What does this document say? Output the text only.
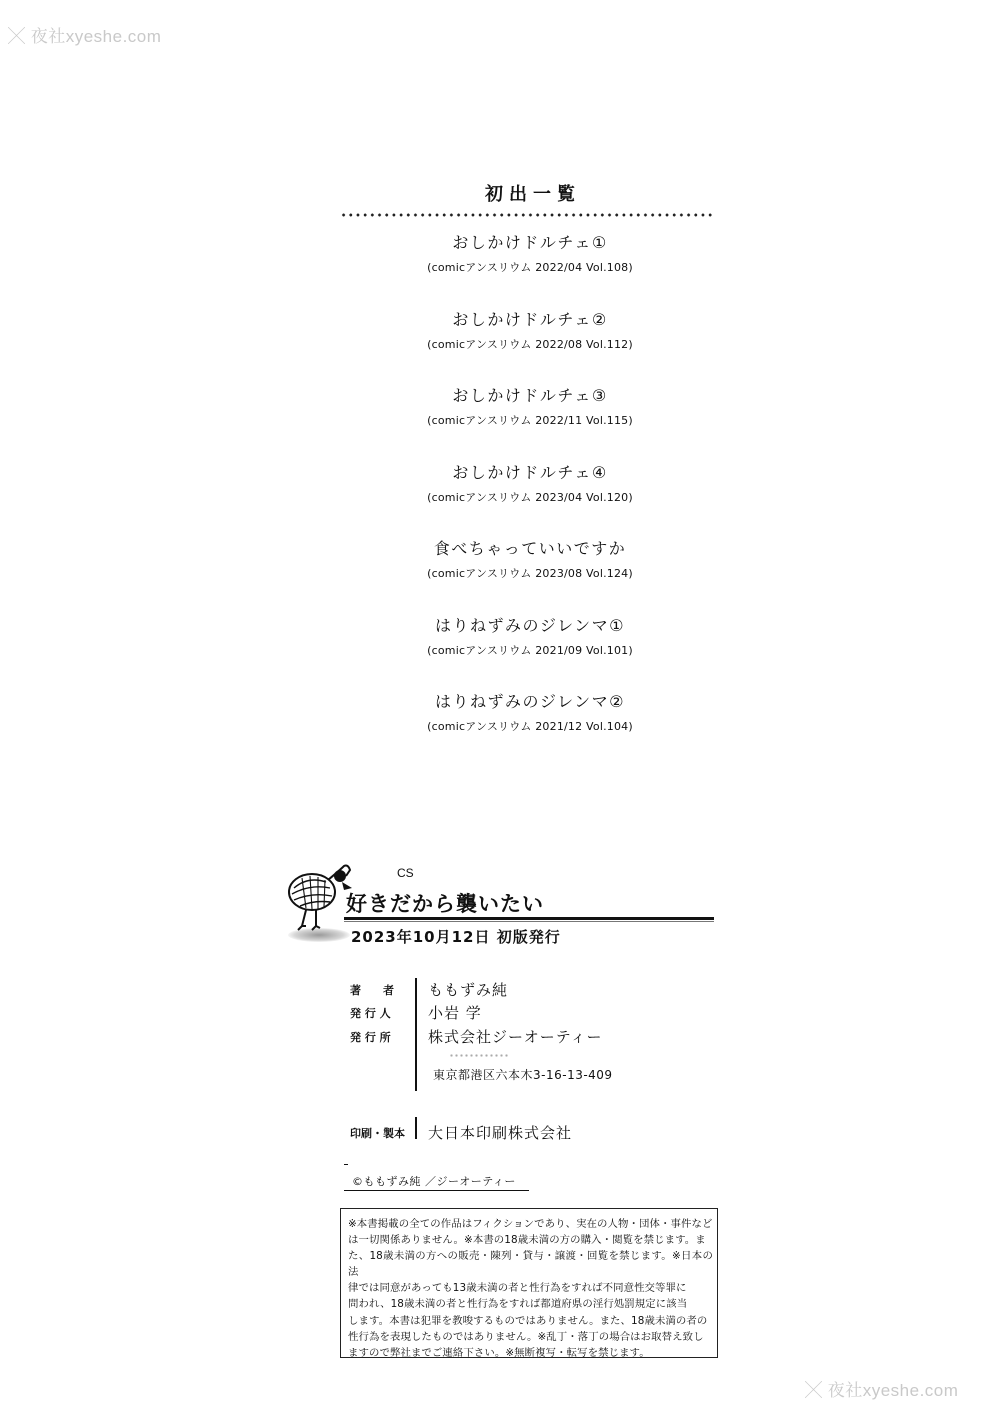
╳ 夜社xyeshe.com
╳ 夜社xyeshe.com
初出一覧
おしかけドルチェ①
(comicアンスリウム 2022/04 Vol.108)
おしかけドルチェ②
(comicアンスリウム 2022/08 Vol.112)
おしかけドルチェ③
(comicアンスリウム 2022/11 Vol.115)
おしかけドルチェ④
(comicアンスリウム 2023/04 Vol.120)
食べちゃっていいですか
(comicアンスリウム 2023/08 Vol.124)
はりねずみのジレンマ①
(comicアンスリウム 2021/09 Vol.101)
はりねずみのジレンマ②
(comicアンスリウム 2021/12 Vol.104)
CS
好きだから襲いたい
2023年10月12日 初版発行
著　　者 ももずみ純
発 行 人 小岩 学
発 行 所 株式会社ジーオーティー
印刷・製本 大日本印刷株式会社
東京都港区六本木3-16-13-409
©ももずみ純 ／ジーオーティー

※本書掲載の全ての作品はフィクションであり、実在の人物・団体・事件など

は一切関係ありません。※本書の18歳未満の方の購入・閲覧を禁じます。ま

た、18歳未満の方への販売・陳列・貸与・譲渡・回覧を禁じます。※日本の法

律では同意があっても13歳未満の者と性行為をすれば不同意性交等罪に

問われ、18歳未満の者と性行為をすれば都道府県の淫行処罰規定に該当

します。本書は犯罪を教唆するものではありません。また、18歳未満の者の

性行為を表現したものではありません。※乱丁・落丁の場合はお取替え致し

ますので弊社までご連絡下さい。※無断複写・転写を禁じます。
